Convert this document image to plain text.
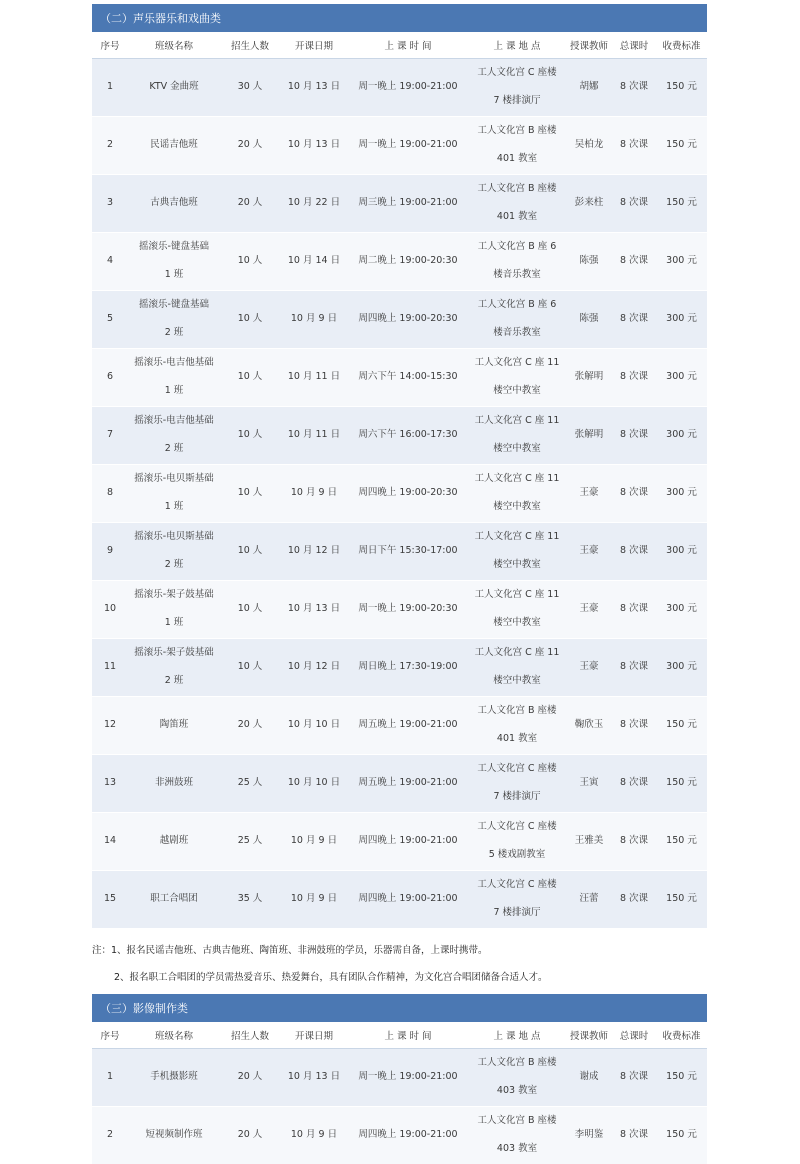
（二）声乐器乐和戏曲类
序号	班级名称	招生人数	开课日期	上 课 时 间	上 课 地 点	授课教师	总课时	收费标准
1	KTV 金曲班	30 人	10 月 13 日	周一晚上 19:00-21:00	工人文化宫 C 座楼
7 楼排演厅	胡娜	8 次课	150 元
2	民谣吉他班	20 人	10 月 13 日	周一晚上 19:00-21:00	工人文化宫 B 座楼
401 教室	吴柏龙	8 次课	150 元
3	古典吉他班	20 人	10 月 22 日	周三晚上 19:00-21:00	工人文化宫 B 座楼
401 教室	彭来柱	8 次课	150 元
4	摇滚乐-键盘基础
1 班	10 人	10 月 14 日	周二晚上 19:00-20:30	工人文化宫 B 座 6
楼音乐教室	陈强	8 次课	300 元
5	摇滚乐-键盘基础
2 班	10 人	10 月 9 日	周四晚上 19:00-20:30	工人文化宫 B 座 6
楼音乐教室	陈强	8 次课	300 元
6	摇滚乐-电吉他基础
1 班	10 人	10 月 11 日	周六下午 14:00-15:30	工人文化宫 C 座 11
楼空中教室	张解明	8 次课	300 元
7	摇滚乐-电吉他基础
2 班	10 人	10 月 11 日	周六下午 16:00-17:30	工人文化宫 C 座 11
楼空中教室	张解明	8 次课	300 元
8	摇滚乐-电贝斯基础
1 班	10 人	10 月 9 日	周四晚上 19:00-20:30	工人文化宫 C 座 11
楼空中教室	王豪	8 次课	300 元
9	摇滚乐-电贝斯基础
2 班	10 人	10 月 12 日	周日下午 15:30-17:00	工人文化宫 C 座 11
楼空中教室	王豪	8 次课	300 元
10	摇滚乐-架子鼓基础
1 班	10 人	10 月 13 日	周一晚上 19:00-20:30	工人文化宫 C 座 11
楼空中教室	王豪	8 次课	300 元
11	摇滚乐-架子鼓基础
2 班	10 人	10 月 12 日	周日晚上 17:30-19:00	工人文化宫 C 座 11
楼空中教室	王豪	8 次课	300 元
12	陶笛班	20 人	10 月 10 日	周五晚上 19:00-21:00	工人文化宫 B 座楼
401 教室	鞠欣玉	8 次课	150 元
13	非洲鼓班	25 人	10 月 10 日	周五晚上 19:00-21:00	工人文化宫 C 座楼
7 楼排演厅	王寅	8 次课	150 元
14	越剧班	25 人	10 月 9 日	周四晚上 19:00-21:00	工人文化宫 C 座楼
5 楼戏剧教室	王雅美	8 次课	150 元
15	职工合唱团	35 人	10 月 9 日	周四晚上 19:00-21:00	工人文化宫 C 座楼
7 楼排演厅	汪蕾	8 次课	150 元
注：1、报名民谣吉他班、古典吉他班、陶笛班、非洲鼓班的学员，乐器需自备，上课时携带。
2、报名职工合唱团的学员需热爱音乐、热爱舞台，具有团队合作精神，为文化宫合唱团储备合适人才。
（三）影像制作类
序号	班级名称	招生人数	开课日期	上 课 时 间	上 课 地 点	授课教师	总课时	收费标准
1	手机摄影班	20 人	10 月 13 日	周一晚上 19:00-21:00	工人文化宫 B 座楼
403 教室	谢成	8 次课	150 元
2	短视频制作班	20 人	10 月 9 日	周四晚上 19:00-21:00	工人文化宫 B 座楼
403 教室	李明鉴	8 次课	150 元
